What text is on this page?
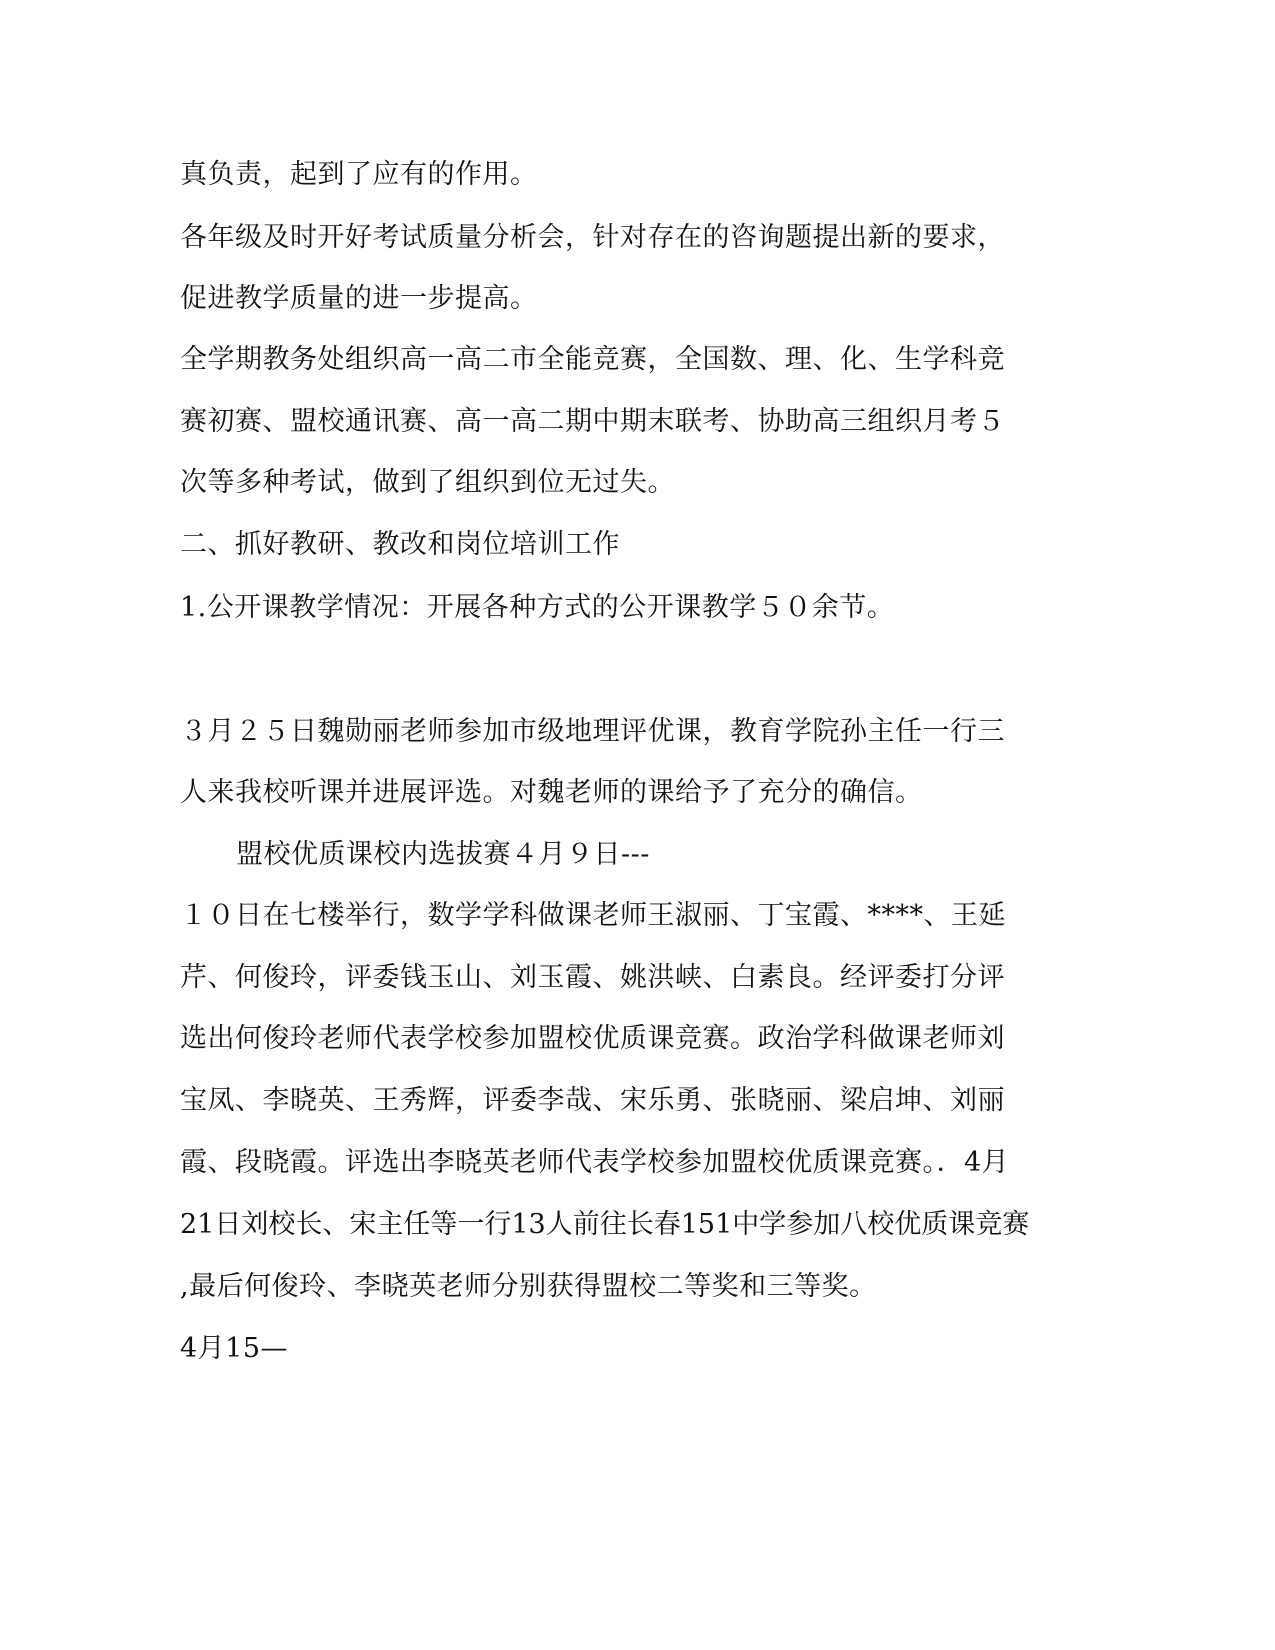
真负责，起到了应有的作用。
各年级及时开好考试质量分析会，针对存在的咨询题提出新的要求，
促进教学质量的进一步提高。
全学期教务处组织高一高二市全能竞赛，全国数、理、化、生学科竞
赛初赛、盟校通讯赛、高一高二期中期末联考、协助高三组织月考５
次等多种考试，做到了组织到位无过失。
二、抓好教研、教改和岗位培训工作
1.公开课教学情况：开展各种方式的公开课教学５０余节。
３月２５日魏勋丽老师参加市级地理评优课，教育学院孙主任一行三
人来我校听课并进展评选。对魏老师的课给予了充分的确信。
盟校优质课校内选拔赛４月９日---
１０日在七楼举行，数学学科做课老师王淑丽、丁宝霞、****、王延
芹、何俊玲，评委钱玉山、刘玉霞、姚洪峡、白素良。经评委打分评
选出何俊玲老师代表学校参加盟校优质课竞赛。政治学科做课老师刘
宝凤、李晓英、王秀辉，评委李哉、宋乐勇、张晓丽、梁启坤、刘丽
霞、段晓霞。评选出李晓英老师代表学校参加盟校优质课竞赛。．4月
21日刘校长、宋主任等一行13人前往长春151中学参加八校优质课竞赛
,最后何俊玲、李晓英老师分别获得盟校二等奖和三等奖。
4月15—
